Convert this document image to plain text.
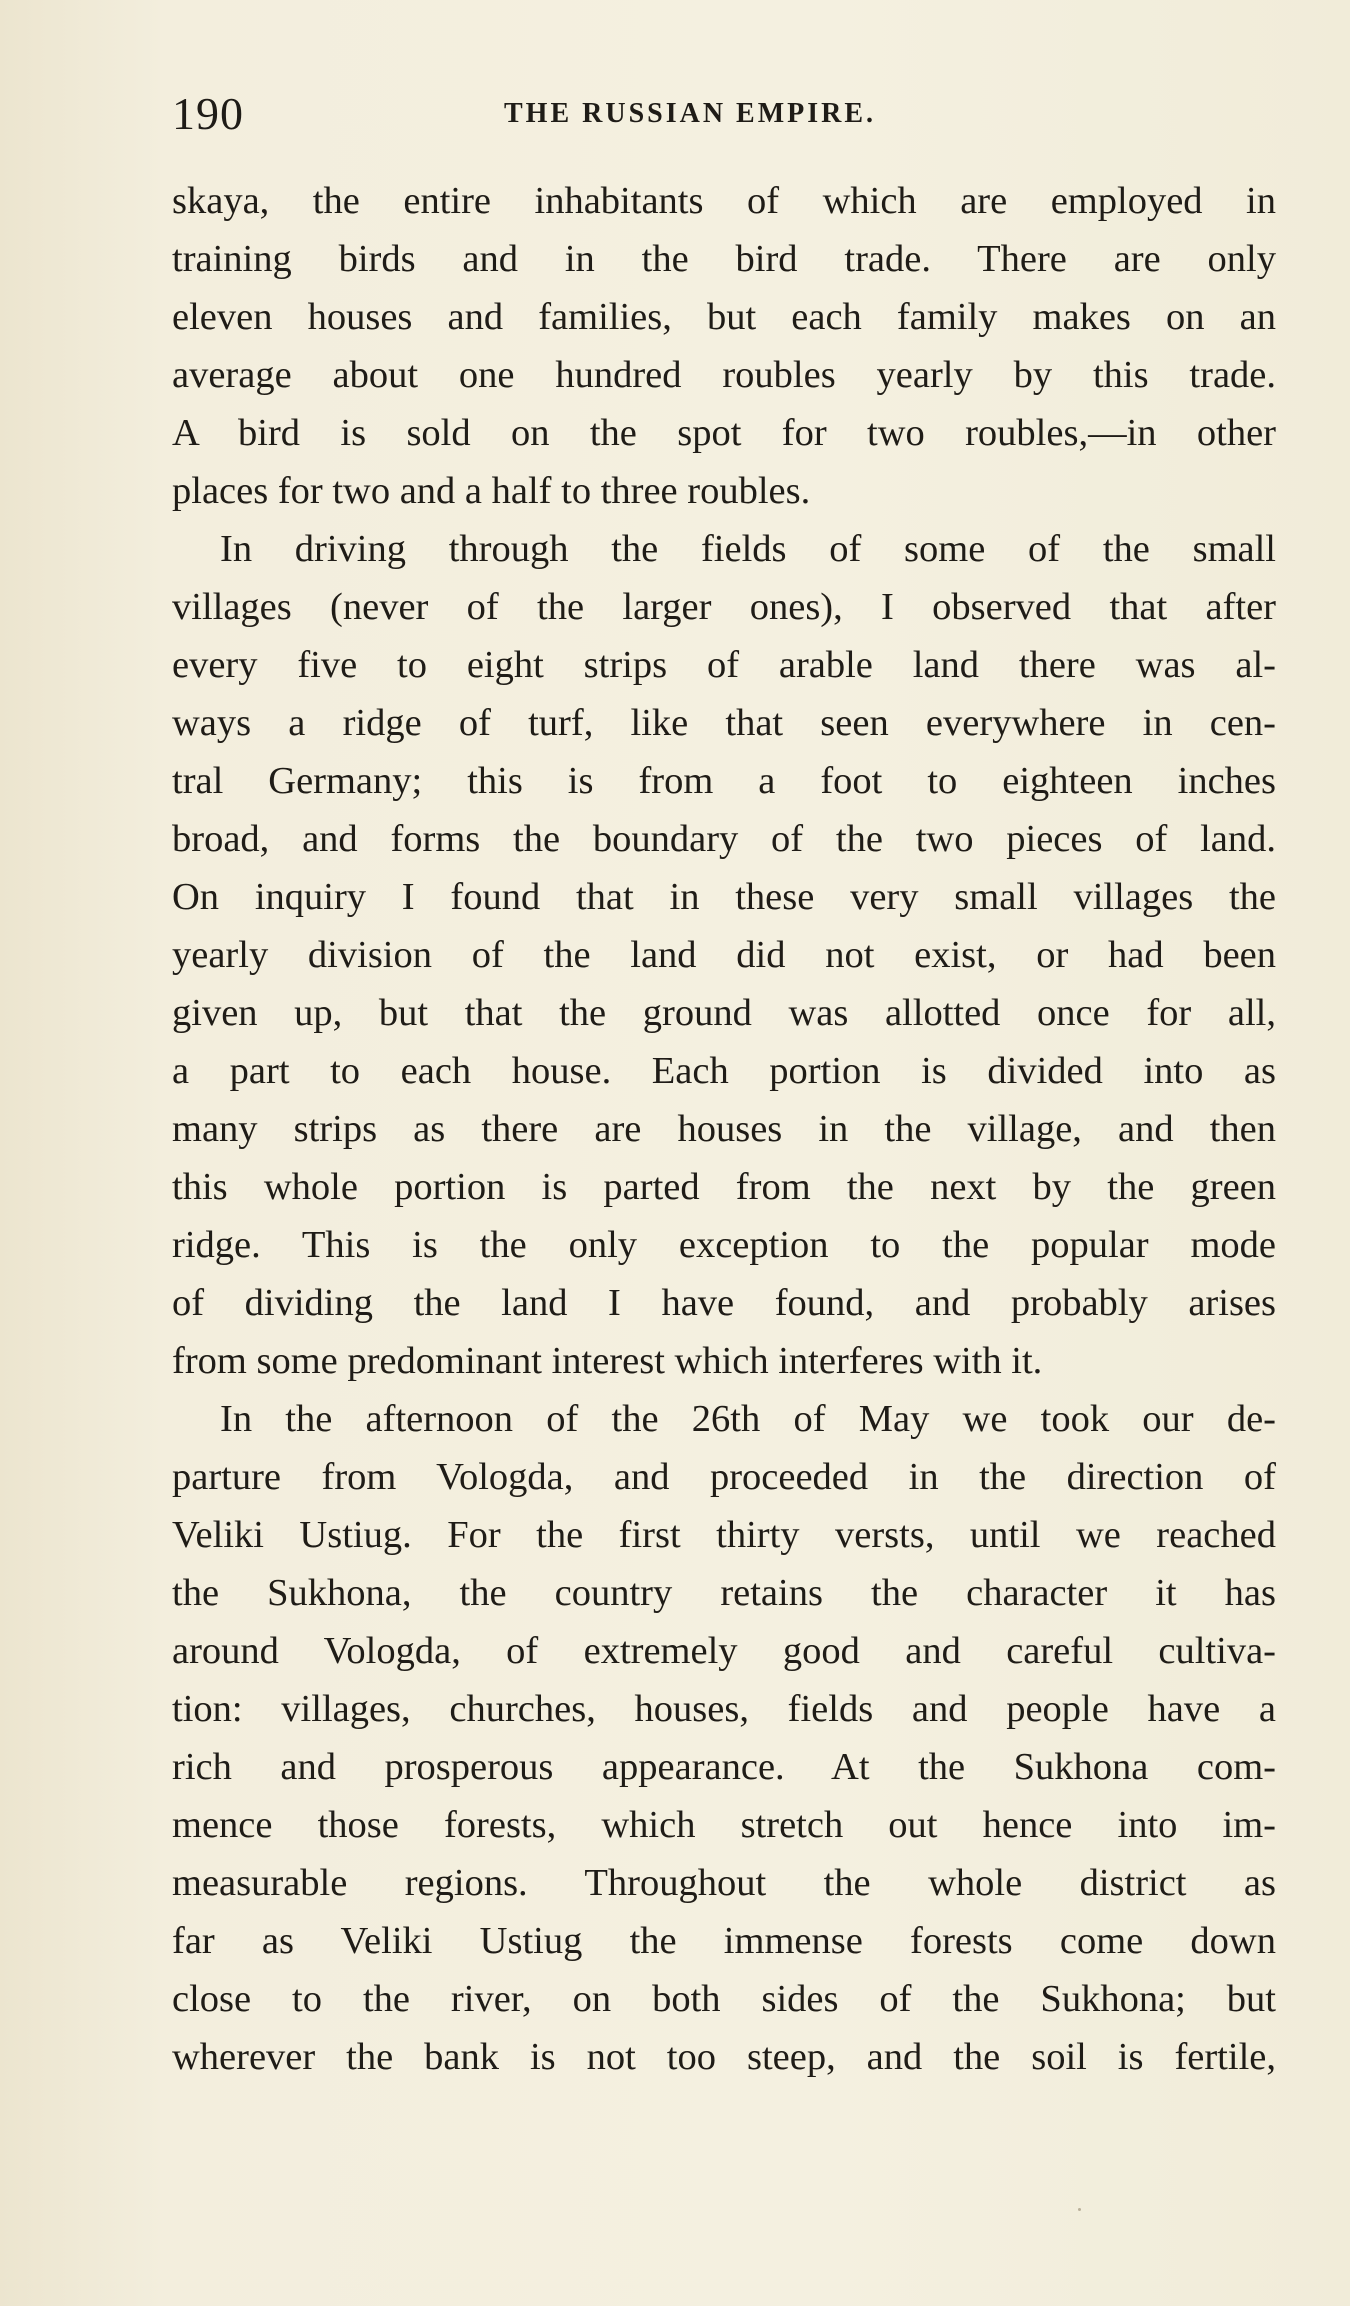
190	THE RUSSIAN EMPIRE.
skaya, the entire inhabitants of which are employed in
training birds and in the bird trade. There are only
eleven houses and families, but each family makes on an
average about one hundred roubles yearly by this trade.
A bird is sold on the spot for two roubles,—in other
places for two and a half to three roubles.
In driving through the fields of some of the small
villages (never of the larger ones), I observed that after
every five to eight strips of arable land there was al-
ways a ridge of turf, like that seen everywhere in cen-
tral Germany; this is from a foot to eighteen inches
broad, and forms the boundary of the two pieces of land.
On inquiry I found that in these very small villages the
yearly division of the land did not exist, or had been
given up, but that the ground was allotted once for all,
a part to each house. Each portion is divided into as
many strips as there are houses in the village, and then
this whole portion is parted from the next by the green
ridge. This is the only exception to the popular mode
of dividing the land I have found, and probably arises
from some predominant interest which interferes with it.
In the afternoon of the 26th of May we took our de-
parture from Vologda, and proceeded in the direction of
Veliki Ustiug. For the first thirty versts, until we reached
the Sukhona, the country retains the character it has
around Vologda, of extremely good and careful cultiva-
tion: villages, churches, houses, fields and people have a
rich and prosperous appearance. At the Sukhona com-
mence those forests, which stretch out hence into im-
measurable regions. Throughout the whole district as
far as Veliki Ustiug the immense forests come down
close to the river, on both sides of the Sukhona; but
wherever the bank is not too steep, and the soil is fertile,
